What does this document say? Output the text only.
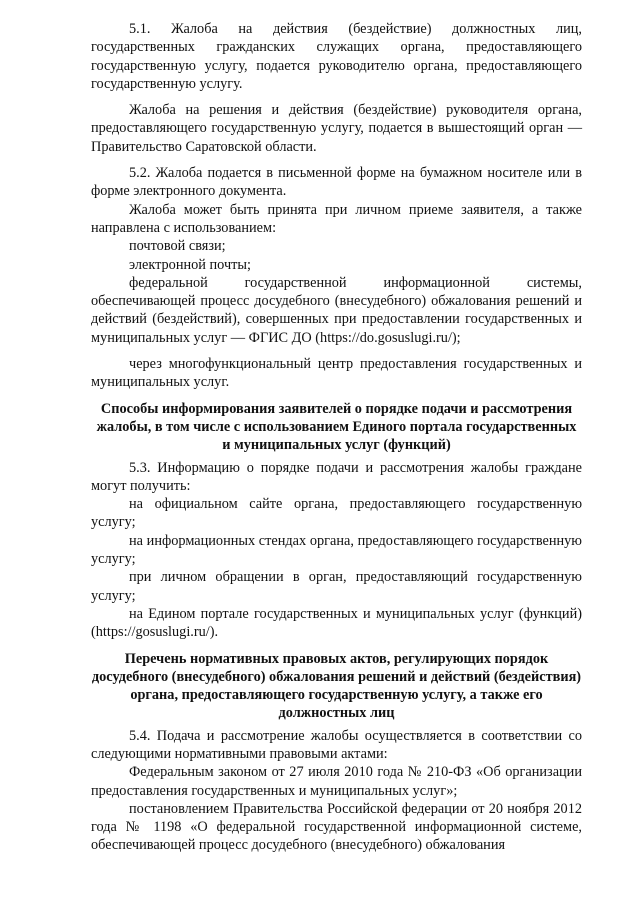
5.1. Жалоба на действия (бездействие) должностных лиц, государственных гражданских служащих органа, предоставляющего государственную услугу, подается руководителю органа, предоставляющего государственную услугу.

Жалоба на решения и действия (бездействие) руководителя органа, предоставляющего государственную услугу, подается в вышестоящий орган — Правительство Саратовской области.

5.2. Жалоба подается в письменной форме на бумажном носителе или в форме электронного документа.

Жалоба может быть принята при личном приеме заявителя, а также направлена с использованием:

почтовой связи;

электронной почты;

федеральной государственной информационной системы, обеспечивающей процесс досудебного (внесудебного) обжалования решений и действий (бездействий), совершенных при предоставлении государственных и муниципальных услуг — ФГИС ДО (https://do.gosuslugi.ru/);

через многофункциональный центр предоставления государственных и муниципальных услуг.

Способы информирования заявителей о порядке подачи и рассмотрения жалобы, в том числе с использованием Единого портала государственных и муниципальных услуг (функций)

5.3. Информацию о порядке подачи и рассмотрения жалобы граждане могут получить:

на официальном сайте органа, предоставляющего государственную услугу;

на информационных стендах органа, предоставляющего государственную услугу;

при личном обращении в орган, предоставляющий государственную услугу;

на Едином портале государственных и муниципальных услуг (функций) (https://gosuslugi.ru/).

Перечень нормативных правовых актов, регулирующих порядок досудебного (внесудебного) обжалования решений и действий (бездействия) органа, предоставляющего государственную услугу, а также его должностных лиц

5.4. Подача и рассмотрение жалобы осуществляется в соответствии со следующими нормативными правовыми актами:

Федеральным законом от 27 июля 2010 года № 210-ФЗ «Об организации предоставления государственных и муниципальных услуг»;

постановлением Правительства Российской федерации от 20 ноября 2012 года № 1198 «О федеральной государственной информационной системе, обеспечивающей процесс досудебного (внесудебного) обжалования
